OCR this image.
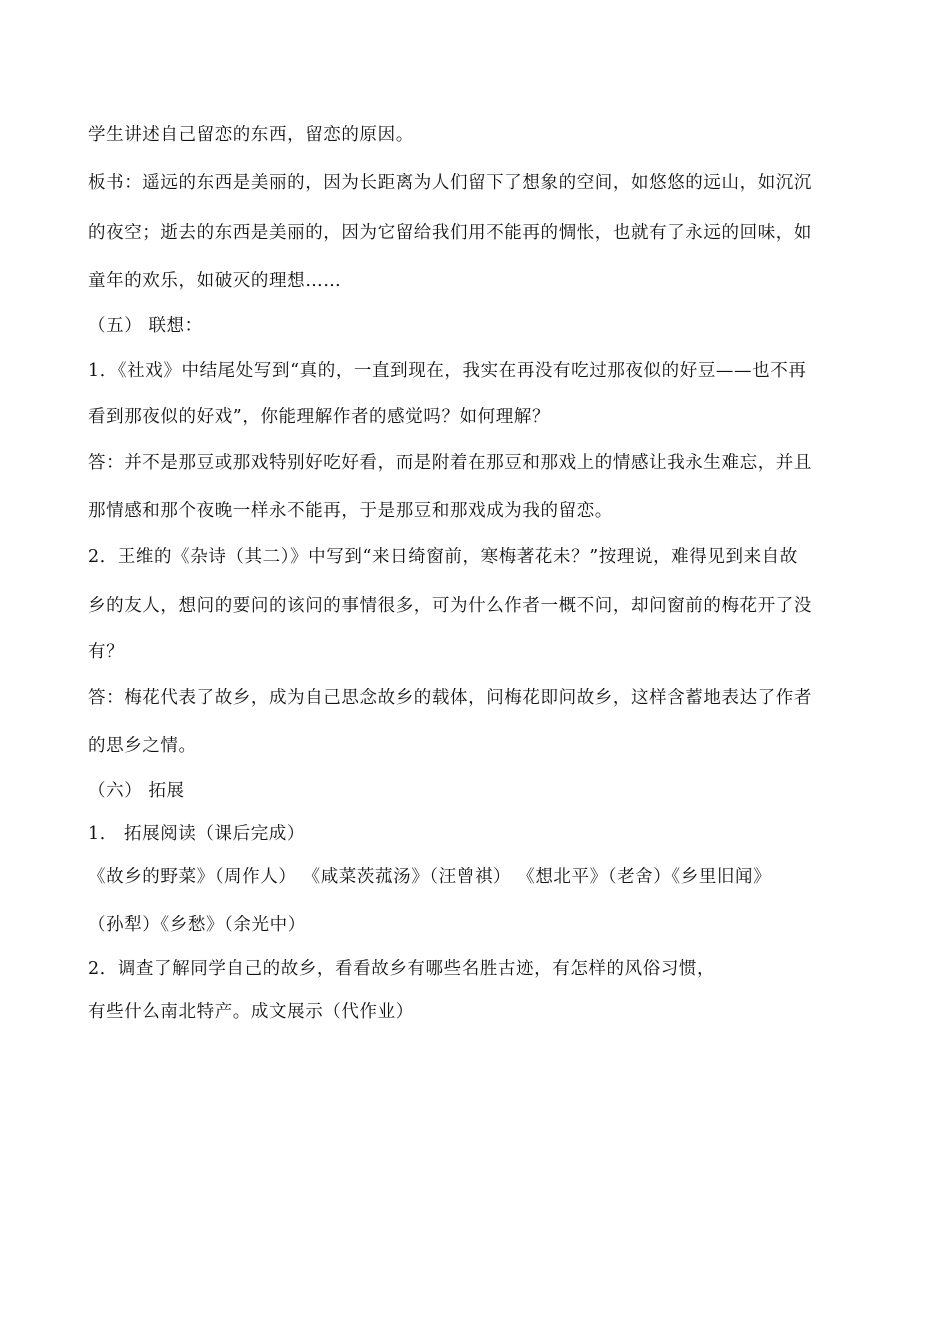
学生讲述自己留恋的东西，留恋的原因。
板书：遥远的东西是美丽的，因为长距离为人们留下了想象的空间，如悠悠的远山，如沉沉
的夜空；逝去的东西是美丽的，因为它留给我们用不能再的惆怅，也就有了永远的回味，如
童年的欢乐，如破灭的理想……
（五） 联想：
1．《社戏》中结尾处写到“真的，一直到现在，我实在再没有吃过那夜似的好豆——也不再
看到那夜似的好戏”，你能理解作者的感觉吗？如何理解？
答：并不是那豆或那戏特别好吃好看，而是附着在那豆和那戏上的情感让我永生难忘，并且
那情感和那个夜晚一样永不能再，于是那豆和那戏成为我的留恋。
2．王维的《杂诗（其二）》中写到“来日绮窗前，寒梅著花未？”按理说，难得见到来自故
乡的友人，想问的要问的该问的事情很多，可为什么作者一概不问，却问窗前的梅花开了没
有？
答：梅花代表了故乡，成为自己思念故乡的载体，问梅花即问故乡，这样含蓄地表达了作者
的思乡之情。
（六） 拓展
1． 拓展阅读（课后完成）
《故乡的野菜》（周作人） 《咸菜茨菰汤》（汪曾祺） 《想北平》（老舍）《乡里旧闻》
（孙犁）《乡愁》（余光中）
2．调查了解同学自己的故乡，看看故乡有哪些名胜古迹，有怎样的风俗习惯，
有些什么南北特产。成文展示（代作业）
